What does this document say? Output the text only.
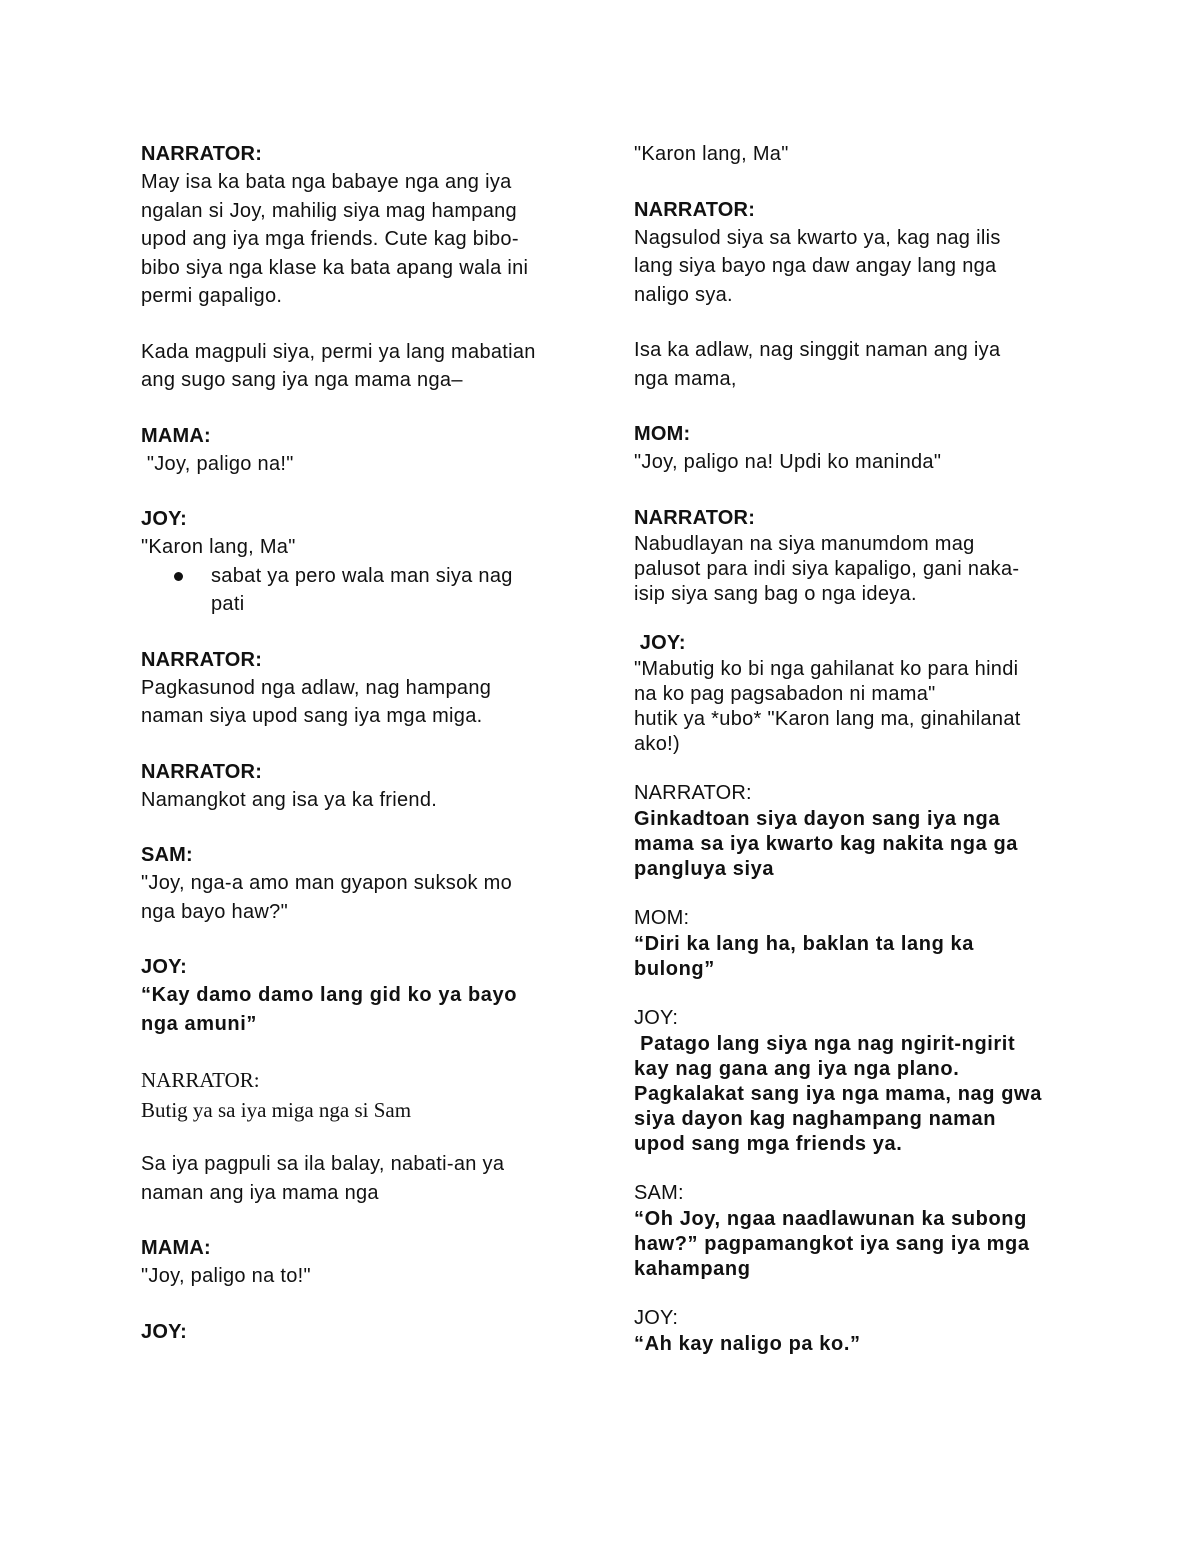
NARRATOR:
May isa ka bata nga babaye nga ang iya
ngalan si Joy, mahilig siya mag hampang
upod ang iya mga friends. Cute kag bibo-
bibo siya nga klase ka bata apang wala ini
permi gapaligo.
Kada magpuli siya, permi ya lang mabatian
ang sugo sang iya nga mama nga–
MAMA:
"Joy, paligo na!"
JOY:
"Karon lang, Ma"
sabat ya pero wala man siya nag
pati
NARRATOR:
Pagkasunod nga adlaw, nag hampang
naman siya upod sang iya mga miga.
NARRATOR:
Namangkot ang isa ya ka friend.
SAM:
"Joy, nga-a amo man gyapon suksok mo
nga bayo haw?"
JOY:
“Kay damo damo lang gid ko ya bayo
nga amuni”
NARRATOR:
Butig ya sa iya miga nga si Sam
Sa iya pagpuli sa ila balay, nabati-an ya
naman ang iya mama nga
MAMA:
"Joy, paligo na to!"
JOY:
"Karon lang, Ma"
NARRATOR:
Nagsulod siya sa kwarto ya, kag nag ilis
lang siya bayo nga daw angay lang nga
naligo sya.
Isa ka adlaw, nag singgit naman ang iya
nga mama,
MOM:
"Joy, paligo na! Updi ko maninda"
NARRATOR:
Nabudlayan na siya manumdom mag
palusot para indi siya kapaligo, gani naka-
isip siya sang bag o nga ideya.
JOY:
"Mabutig ko bi nga gahilanat ko para hindi
na ko pag pagsabadon ni mama"
hutik ya *ubo* "Karon lang ma, ginahilanat
ako!)
NARRATOR:
Ginkadtoan siya dayon sang iya nga
mama sa iya kwarto kag nakita nga ga
pangluya siya
MOM:
“Diri ka lang ha, baklan ta lang ka
bulong”
JOY:
Patago lang siya nga nag ngirit-ngirit
kay nag gana ang iya nga plano.
Pagkalakat sang iya nga mama, nag gwa
siya dayon kag naghampang naman
upod sang mga friends ya.
SAM:
“Oh Joy, ngaa naadlawunan ka subong
haw?” pagpamangkot iya sang iya mga
kahampang
JOY:
“Ah kay naligo pa ko.”
